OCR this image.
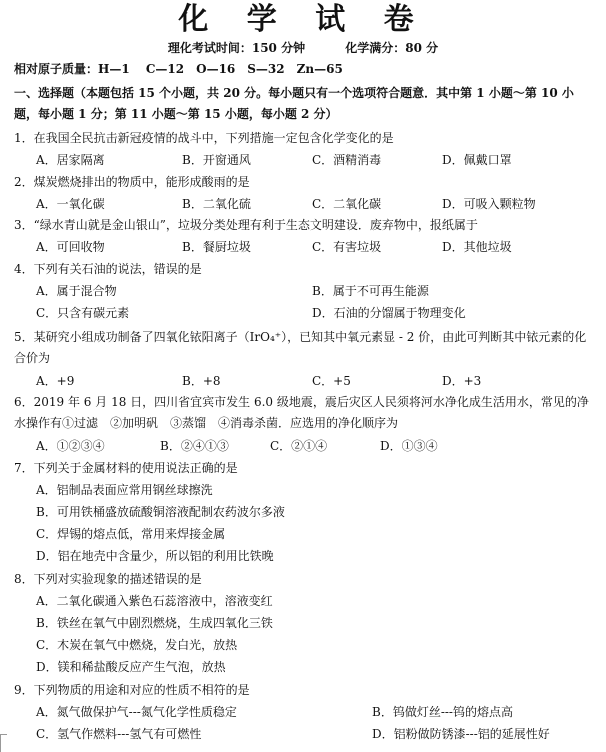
化 学 试 卷
理化考试时间：150 分钟	化学满分：80 分
相对原子质量：H—1　 C—12　O—16　S—32　Zn—65
一、选择题（本题包括 15 个小题，共 20 分。每小题只有一个选项符合题意．其中第 1 小题～第 10 小题，每小题 1 分；第 11 小题～第 15 小题，每小题 2 分）
1．在我国全民抗击新冠疫情的战斗中，下列措施一定包含化学变化的是
A．居家隔离	B．开窗通风	C．酒精消毒	D．佩戴口罩
2．煤炭燃烧排出的物质中，能形成酸雨的是
A．一氧化碳	B．二氧化硫	C．二氧化碳	D．可吸入颗粒物
3．“绿水青山就是金山银山”，垃圾分类处理有利于生态文明建设．废弃物中，报纸属于
A．可回收物	B．餐厨垃圾	C．有害垃圾	D．其他垃圾
4．下列有关石油的说法，错误的是
A．属于混合物	B．属于不可再生能源
C．只含有碳元素	D．石油的分馏属于物理变化
5．某研究小组成功制备了四氧化铱阳离子（IrO₄⁺），已知其中氧元素显 - 2 价，由此可判断其中铱元素的化合价为
A．+9	B．+8	C．+5	D．+3
6．2019 年 6 月 18 日，四川省宜宾市发生 6.0 级地震，震后灾区人民须将河水净化成生活用水，常见的净水操作有①过滤　②加明矾　③蒸馏　④消毒杀菌．应选用的净化顺序为
A．①②③④	B．②④①③	C．②①④	D．①③④
7．下列关于金属材料的使用说法正确的是
A．铝制品表面应常用钢丝球擦洗
B．可用铁桶盛放硫酸铜溶液配制农药波尔多液
C．焊锡的熔点低，常用来焊接金属
D．铝在地壳中含量少，所以铝的利用比铁晚
8．下列对实验现象的描述错误的是
A．二氧化碳通入紫色石蕊溶液中，溶液变红
B．铁丝在氧气中剧烈燃烧，生成四氧化三铁
C．木炭在氧气中燃烧，发白光，放热
D．镁和稀盐酸反应产生气泡，放热
9．下列物质的用途和对应的性质不相符的是
A．氮气做保护气---氮气化学性质稳定	B．钨做灯丝---钨的熔点高
C．氢气作燃料---氢气有可燃性	D．铝粉做防锈漆---铝的延展性好
